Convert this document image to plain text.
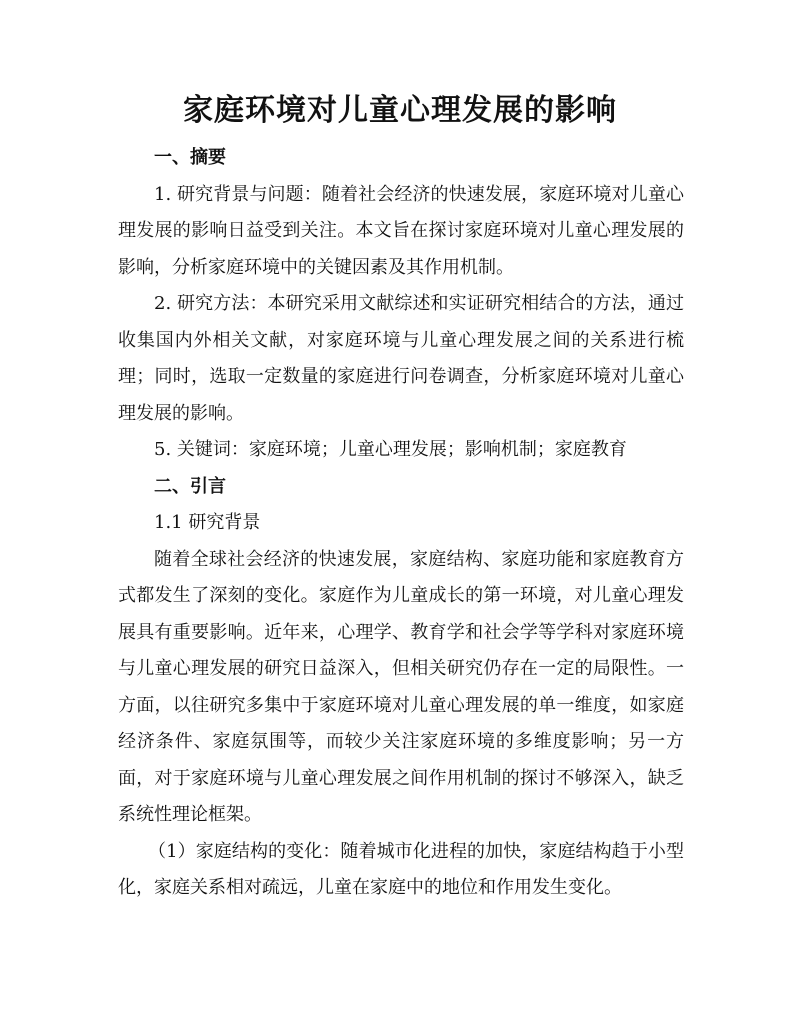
家庭环境对儿童心理发展的影响

一、摘要

1. 研究背景与问题：随着社会经济的快速发展，家庭环境对儿童心理发展的影响日益受到关注。本文旨在探讨家庭环境对儿童心理发展的影响，分析家庭环境中的关键因素及其作用机制。

2. 研究方法：本研究采用文献综述和实证研究相结合的方法，通过收集国内外相关文献，对家庭环境与儿童心理发展之间的关系进行梳理；同时，选取一定数量的家庭进行问卷调查，分析家庭环境对儿童心理发展的影响。

5. 关键词：家庭环境；儿童心理发展；影响机制；家庭教育

二、引言

1.1 研究背景

随着全球社会经济的快速发展，家庭结构、家庭功能和家庭教育方式都发生了深刻的变化。家庭作为儿童成长的第一环境，对儿童心理发展具有重要影响。近年来，心理学、教育学和社会学等学科对家庭环境与儿童心理发展的研究日益深入，但相关研究仍存在一定的局限性。一方面，以往研究多集中于家庭环境对儿童心理发展的单一维度，如家庭经济条件、家庭氛围等，而较少关注家庭环境的多维度影响；另一方面，对于家庭环境与儿童心理发展之间作用机制的探讨不够深入，缺乏系统性理论框架。

（1）家庭结构的变化：随着城市化进程的加快，家庭结构趋于小型化，家庭关系相对疏远，儿童在家庭中的地位和作用发生变化。
